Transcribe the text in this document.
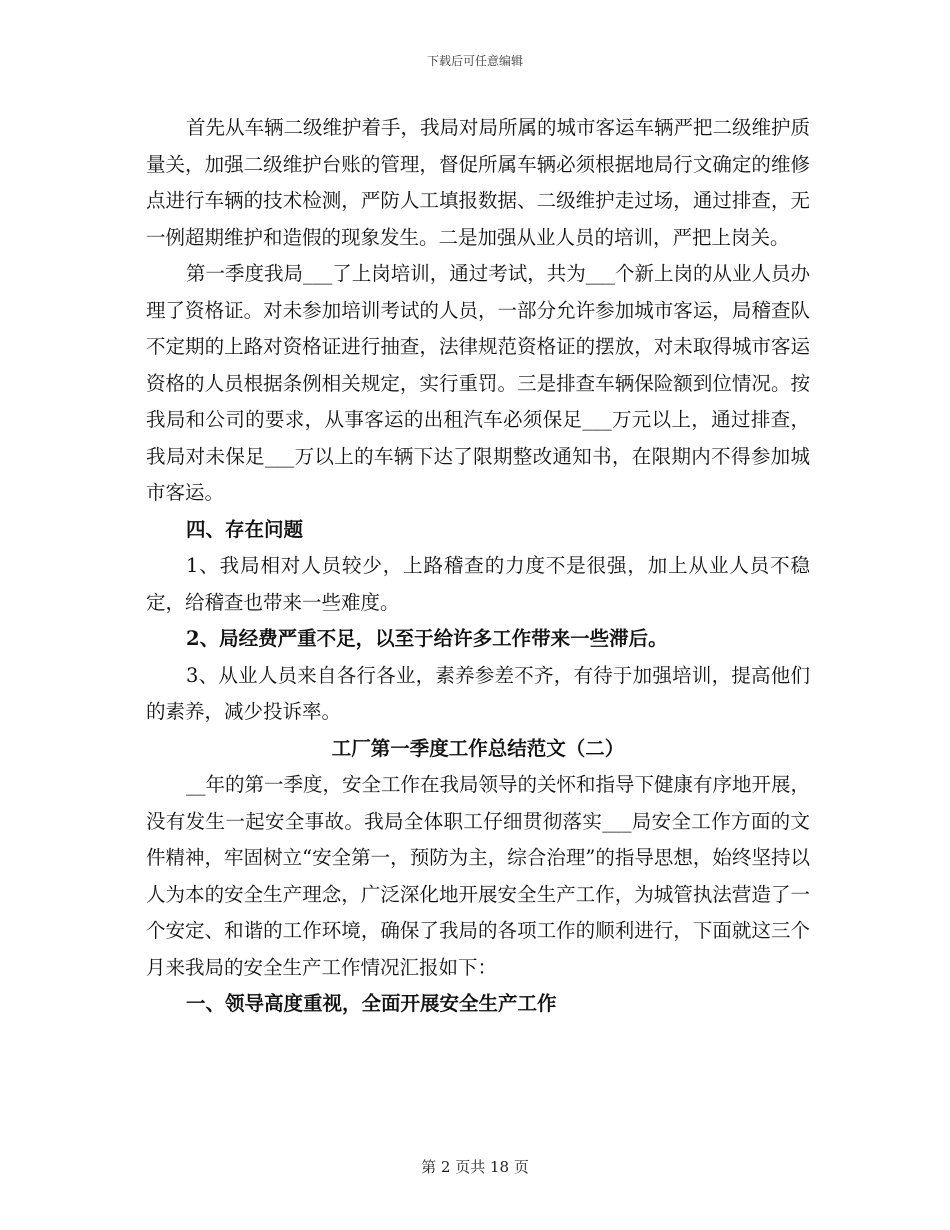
下载后可任意编辑

首先从车辆二级维护着手，我局对局所属的城市客运车辆严把二级维护质量关，加强二级维护台账的管理，督促所属车辆必须根据地局行文确定的维修点进行车辆的技术检测，严防人工填报数据、二级维护走过场，通过排查，无一例超期维护和造假的现象发生。二是加强从业人员的培训，严把上岗关。

第一季度我局___了上岗培训，通过考试，共为___个新上岗的从业人员办理了资格证。对未参加培训考试的人员，一部分允许参加城市客运，局稽查队不定期的上路对资格证进行抽查，法律规范资格证的摆放，对未取得城市客运资格的人员根据条例相关规定，实行重罚。三是排查车辆保险额到位情况。按我局和公司的要求，从事客运的出租汽车必须保足___万元以上，通过排查，我局对未保足___万以上的车辆下达了限期整改通知书，在限期内不得参加城市客运。

四、存在问题

1、我局相对人员较少，上路稽查的力度不是很强，加上从业人员不稳定，给稽查也带来一些难度。

2、局经费严重不足，以至于给许多工作带来一些滞后。

3、从业人员来自各行各业，素养参差不齐，有待于加强培训，提高他们的素养，减少投诉率。

工厂第一季度工作总结范文（二）

__年的第一季度，安全工作在我局领导的关怀和指导下健康有序地开展，没有发生一起安全事故。我局全体职工仔细贯彻落实___局安全工作方面的文件精神，牢固树立“安全第一，预防为主，综合治理”的指导思想，始终坚持以人为本的安全生产理念，广泛深化地开展安全生产工作，为城管执法营造了一个安定、和谐的工作环境，确保了我局的各项工作的顺利进行，下面就这三个月来我局的安全生产工作情况汇报如下：

一、领导高度重视，全面开展安全生产工作

第 2 页共 18 页
